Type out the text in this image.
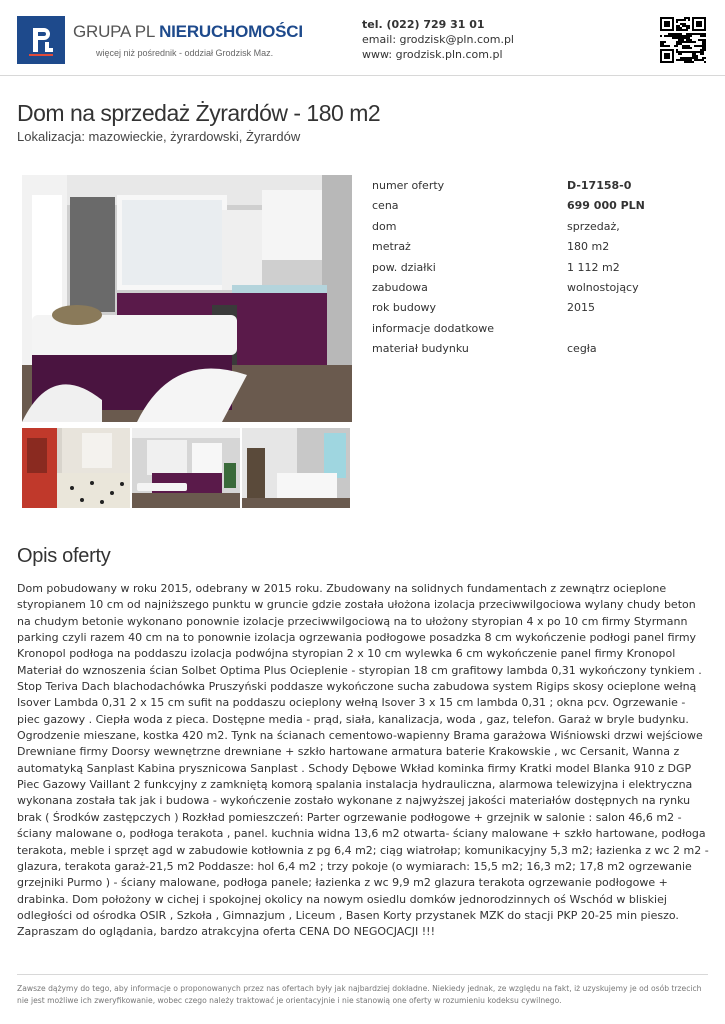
GRUPA PL NIERUCHOMOŚCI
więcej niż pośrednik - oddział Grodzisk Maz.
tel. (022) 729 31 01
email: grodzisk@pln.com.pl
www: grodzisk.pln.com.pl
Dom na sprzedaż Żyrardów - 180 m2
Lokalizacja: mazowieckie, żyrardowski, Żyrardów
numer oferty	D-17158-0
cena	699 000 PLN
dom	sprzedaż,
metraż	180 m2
pow. działki	1 112 m2
zabudowa	wolnostojący
rok budowy	2015
informacje dodatkowe
materiał budynku	cegła
Opis oferty
Dom pobudowany w roku 2015, odebrany w 2015 roku. Zbudowany na solidnych fundamentach z zewnątrz ocieplone styropianem 10 cm od najniższego punktu w gruncie gdzie została ułożona izolacja przeciwwilgociowa wylany chudy beton na chudym betonie wykonano ponownie izolacje przeciwwilgociową na to ułożony styropian 4 x po 10 cm firmy Styrmann parking czyli razem 40 cm na to ponownie izolacja ogrzewania podłogowe posadzka 8 cm wykończenie podłogi panel firmy Kronopol podłoga na poddaszu izolacja podwójna styropian 2 x 10 cm wylewka 6 cm wykończenie panel firmy Kronopol Materiał do wznoszenia ścian Solbet Optima Plus Ocieplenie - styropian 18 cm grafitowy lambda 0,31 wykończony tynkiem . Stop Teriva Dach blachodachówka Pruszyński poddasze wykończone sucha zabudowa system Rigips skosy ocieplone wełną Isover Lambda 0,31 2 x 15 cm sufit na poddaszu ocieplony wełną Isover 3 x 15 cm lambda 0,31 ; okna pcv. Ogrzewanie - piec gazowy . Ciepła woda z pieca. Dostępne media - prąd, siała, kanalizacja, woda , gaz, telefon. Garaż w bryle budynku. Ogrodzenie mieszane, kostka 420 m2. Tynk na ścianach cementowo-wapienny Brama garażowa Wiśniowski drzwi wejściowe Drewniane firmy Doorsy wewnętrzne drewniane + szkło hartowane armatura baterie Krakowskie , wc Cersanit, Wanna z automatyką Sanplast Kabina prysznicowa Sanplast . Schody Dębowe Wkład kominka firmy Kratki model Blanka 910 z DGP Piec Gazowy Vaillant 2 funkcyjny z zamkniętą komorą spalania instalacja hydrauliczna, alarmowa telewizyjna i elektryczna wykonana została tak jak i budowa - wykończenie zostało wykonane z najwyższej jakości materiałów dostępnych na rynku brak ( Środków zastępczych ) Rozkład pomieszczeń: Parter ogrzewanie podłogowe + grzejnik w salonie : salon 46,6 m2 - ściany malowane o, podłoga terakota , panel. kuchnia widna 13,6 m2 otwarta- ściany malowane + szkło hartowane, podłoga terakota, meble i sprzęt agd w zabudowie kotłownia z pg 6,4 m2; ciąg wiatrołap; komunikacyjny 5,3 m2; łazienka z wc 2 m2 - glazura, terakota garaż-21,5 m2 Poddasze: hol 6,4 m2 ; trzy pokoje (o wymiarach: 15,5 m2; 16,3 m2; 17,8 m2 ogrzewanie grzejniki Purmo ) - ściany malowane, podłoga panele; łazienka z wc 9,9 m2 glazura terakota ogrzewanie podłogowe + drabinka. Dom położony w cichej i spokojnej okolicy na nowym osiedlu domków jednorodzinnych oś Wschód w bliskiej odległości od ośrodka OSIR , Szkoła , Gimnazjum , Liceum , Basen Korty przystanek MZK do stacji PKP 20-25 min pieszo. Zapraszam do oglądania, bardzo atrakcyjna oferta CENA DO NEGOCJACJI !!!
Zawsze dążymy do tego, aby informacje o proponowanych przez nas ofertach były jak najbardziej dokładne. Niekiedy jednak, ze względu na fakt, iż uzyskujemy je od osób trzecich nie jest możliwe ich zweryfikowanie, wobec czego należy traktować je orientacyjnie i nie stanowią one oferty w rozumieniu kodeksu cywilnego.
